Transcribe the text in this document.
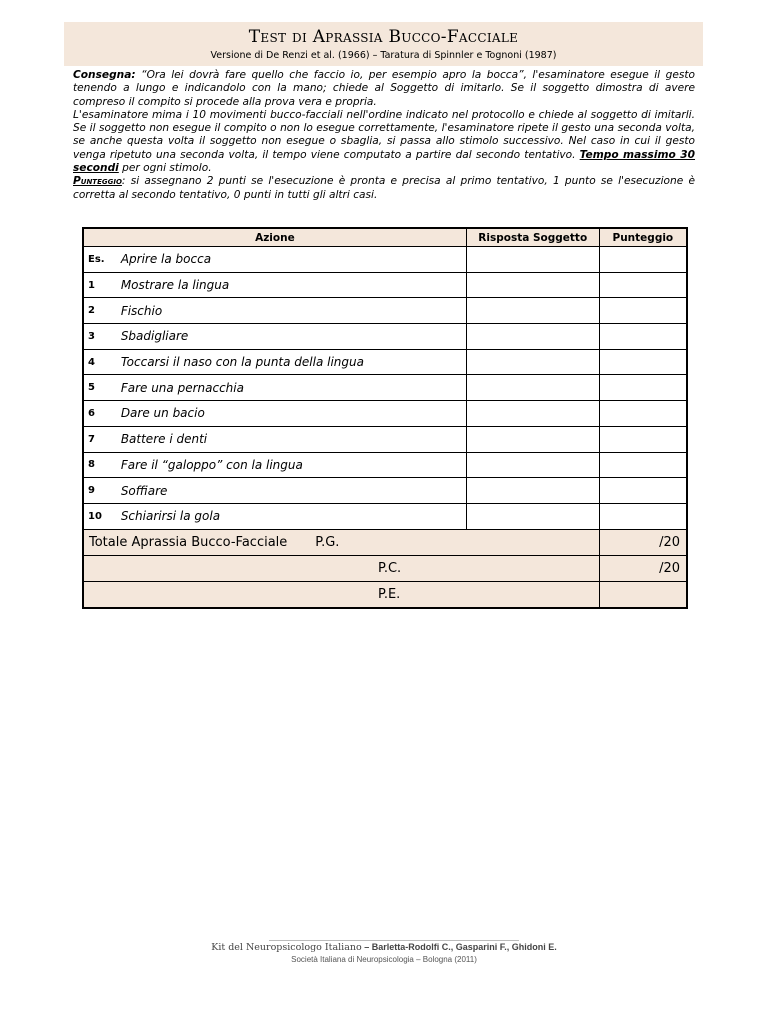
Test di Aprassia Bucco-Facciale
Versione di De Renzi et al. (1966) – Taratura di Spinnler e Tognoni (1987)

Consegna: “Ora lei dovrà fare quello che faccio io, per esempio apro la bocca”, l'esaminatore esegue il gesto tenendo a lungo e indicandolo con la mano; chiede al Soggetto di imitarlo. Se il soggetto dimostra di avere compreso il compito si procede alla prova vera e propria.

L'esaminatore mima i 10 movimenti bucco-facciali nell'ordine indicato nel protocollo e chiede al soggetto di imitarli. Se il soggetto non esegue il compito o non lo esegue correttamente, l'esaminatore ripete il gesto una seconda volta, se anche questa volta il soggetto non esegue o sbaglia, si passa allo stimolo successivo. Nel caso in cui il gesto venga ripetuto una seconda volta, il tempo viene computato a partire dal secondo tentativo. Tempo massimo 30 secondi per ogni stimolo.

Punteggio: si assegnano 2 punti se l'esecuzione è pronta e precisa al primo tentativo, 1 punto se l'esecuzione è corretta al secondo tentativo, 0 punti in tutti gli altri casi.

Azione		Risposta Soggetto	Punteggio
Es.	Aprire la bocca		
1	Mostrare la lingua		
2	Fischio		
3	Sbadigliare		
4	Toccarsi il naso con la punta della lingua		
5	Fare una pernacchia		
6	Dare un bacio		
7	Battere i denti		
8	Fare il “galoppo” con la lingua		
9	Soffiare		
10	Schiarirsi la gola		
Totale Aprassia Bucco-Facciale P.G.			/20
P.C.			/20
P.E.			
Kit del Neuropsicologo Italiano – Barletta-Rodolfi C., Gasparini F., Ghidoni E.
Società Italiana di Neuropsicologia – Bologna (2011)
